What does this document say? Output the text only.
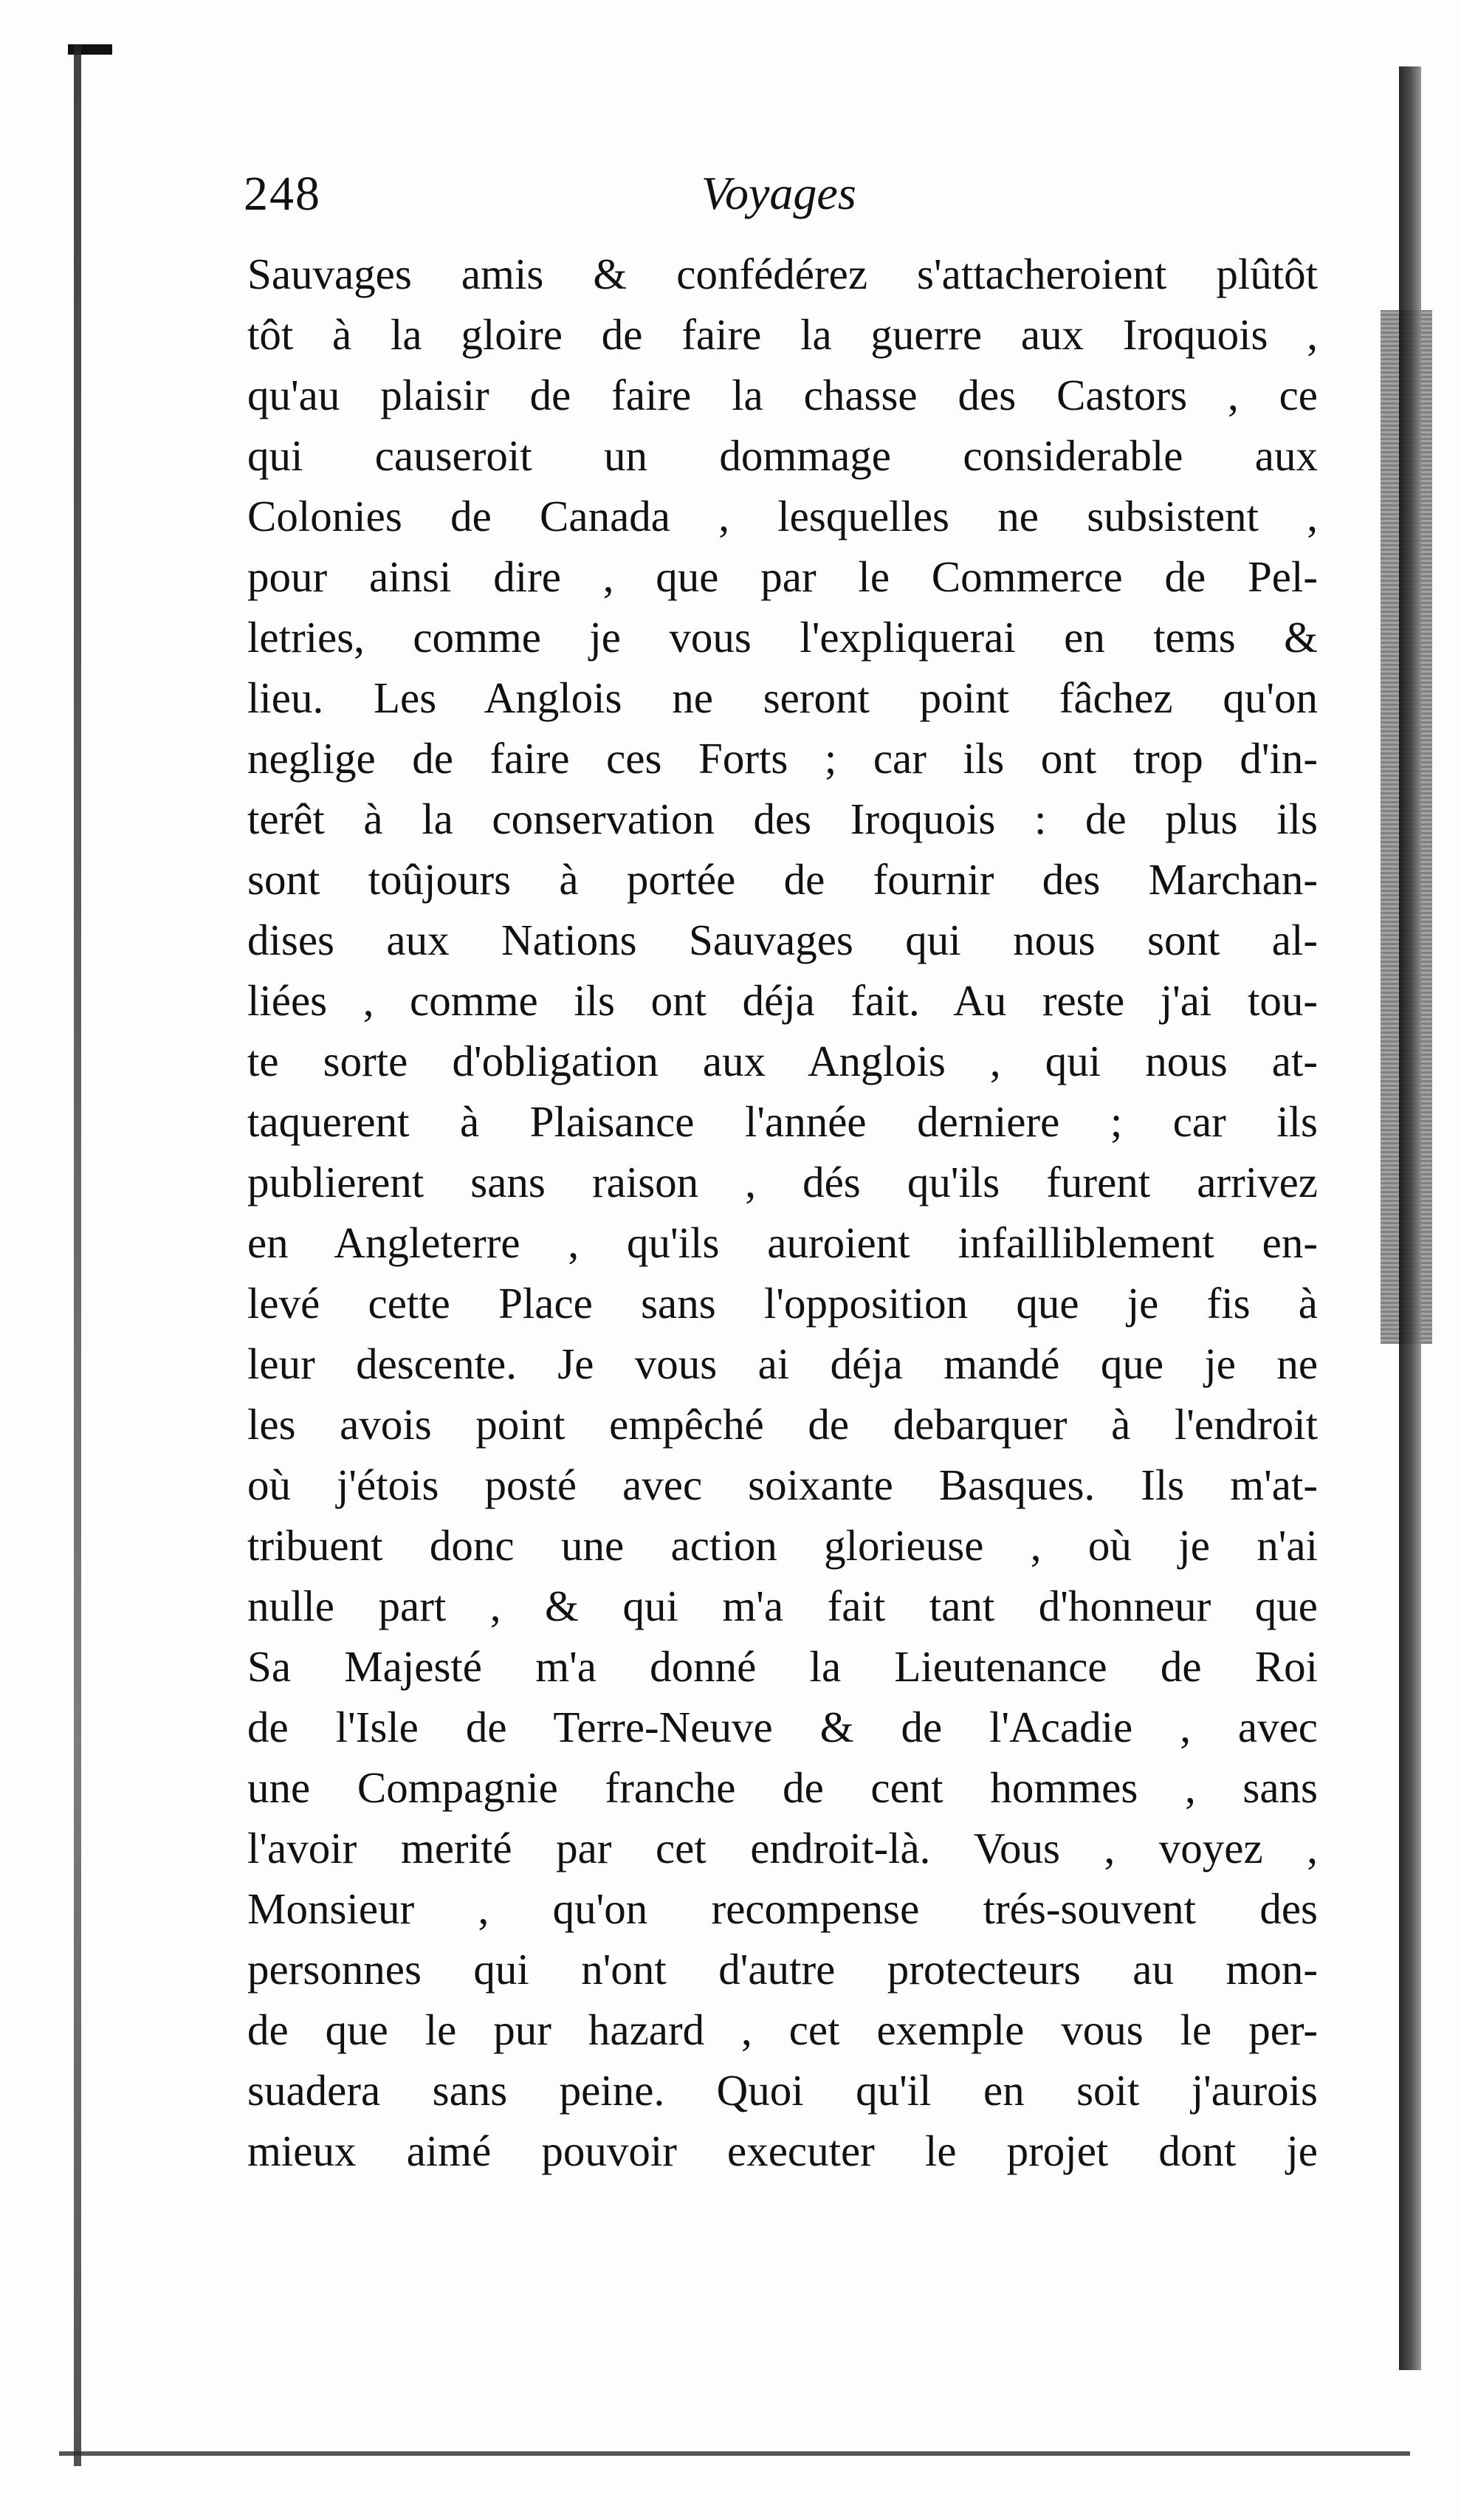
248	Voyages
Sauvages amis & confédérez s'attacheroient plûtôt
tôt à la gloire de faire la guerre aux Iroquois ,
qu'au plaisir de faire la chasse des Castors , ce
qui causeroit un dommage considerable aux
Colonies de Canada , lesquelles ne subsistent ,
pour ainsi dire , que par le Commerce de Pel-
letries, comme je vous l'expliquerai en tems &
lieu. Les Anglois ne seront point fâchez qu'on
neglige de faire ces Forts ; car ils ont trop d'in-
terêt à la conservation des Iroquois : de plus ils
sont toûjours à portée de fournir des Marchan-
dises aux Nations Sauvages qui nous sont al-
liées , comme ils ont déja fait. Au reste j'ai tou-
te sorte d'obligation aux Anglois , qui nous at-
taquerent à Plaisance l'année derniere ; car ils
publierent sans raison , dés qu'ils furent arrivez
en Angleterre , qu'ils auroient infailliblement en-
levé cette Place sans l'opposition que je fis à
leur descente. Je vous ai déja mandé que je ne
les avois point empêché de debarquer à l'endroit
où j'étois posté avec soixante Basques. Ils m'at-
tribuent donc une action glorieuse , où je n'ai
nulle part , & qui m'a fait tant d'honneur que
Sa Majesté m'a donné la Lieutenance de Roi
de l'Isle de Terre-Neuve & de l'Acadie , avec
une Compagnie franche de cent hommes , sans
l'avoir merité par cet endroit-là. Vous , voyez ,
Monsieur , qu'on recompense trés-souvent des
personnes qui n'ont d'autre protecteurs au mon-
de que le pur hazard , cet exemple vous le per-
suadera sans peine. Quoi qu'il en soit j'aurois
mieux aimé pouvoir executer le projet dont je
